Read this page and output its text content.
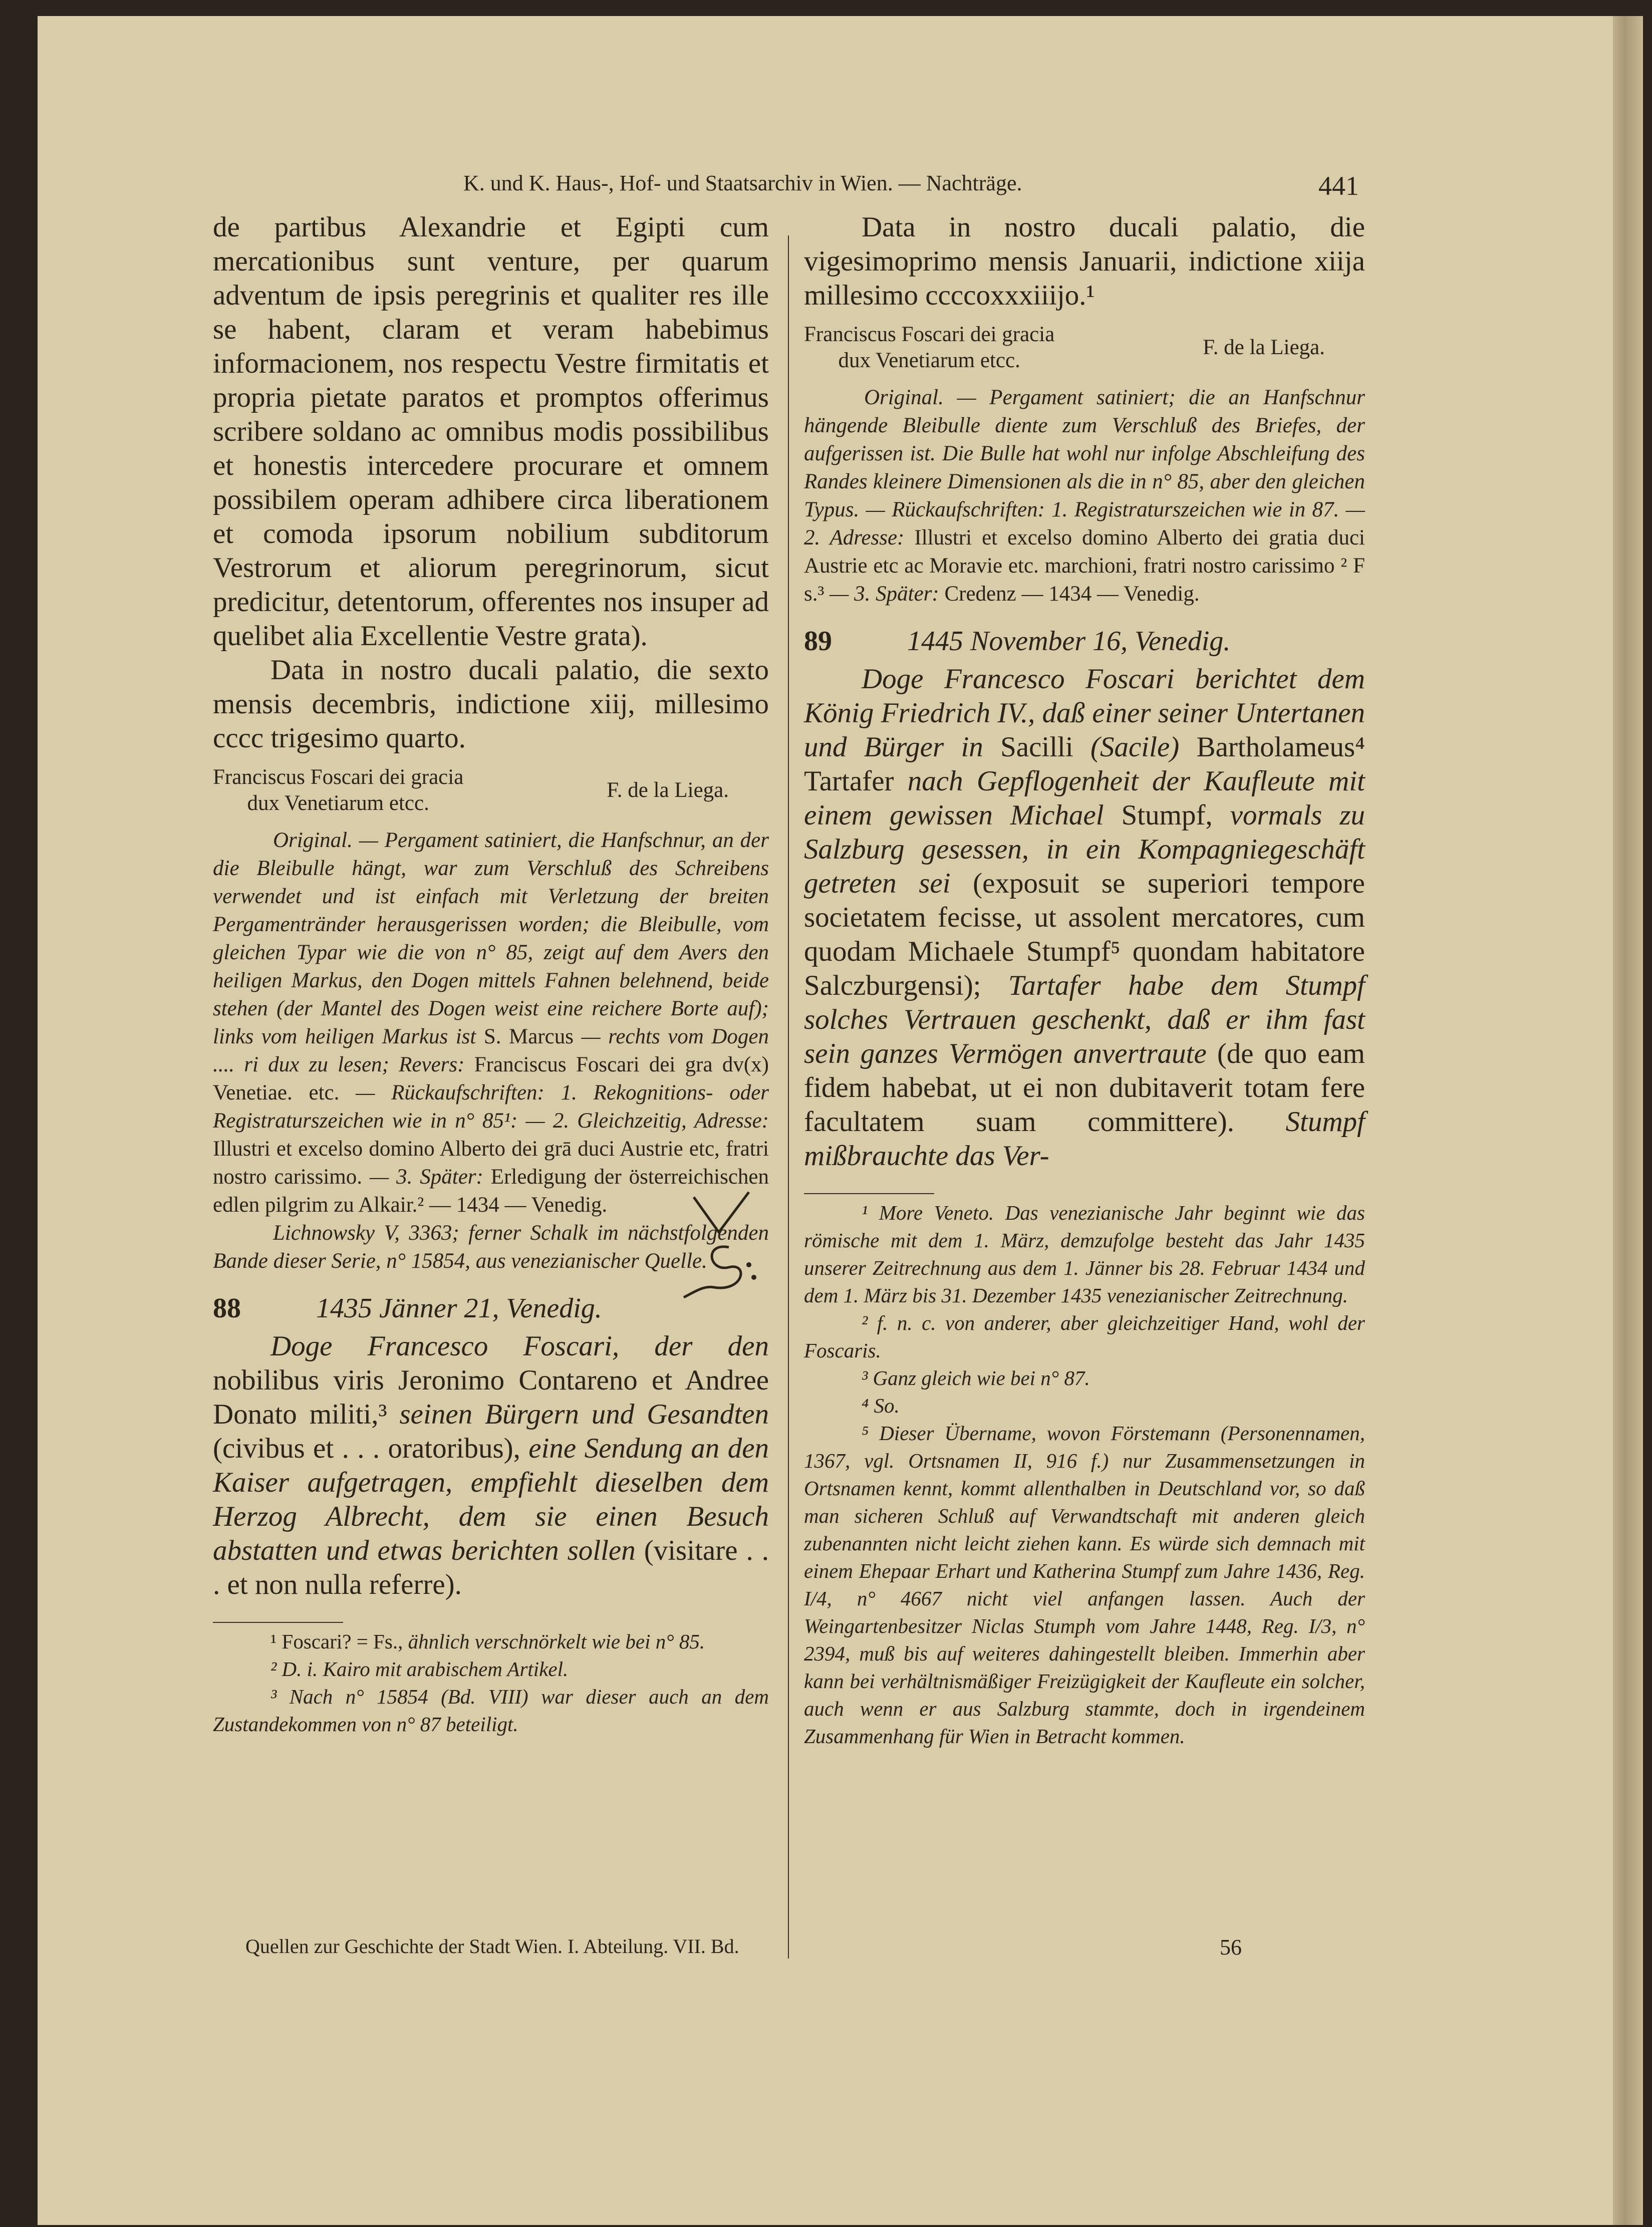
K. und K. Haus-, Hof- und Staatsarchiv in Wien. — Nachträge.	441

de partibus Alexandrie et Egipti cum mercationibus sunt venture, per quarum adventum de ipsis peregrinis et qualiter res ille se habent, claram et veram habebimus informacionem, nos respectu Vestre firmitatis et propria pietate paratos et promptos offerimus scribere soldano ac omnibus modis possibilibus et honestis intercedere procurare et omnem possibilem operam adhibere circa liberationem et comoda ipsorum nobilium subditorum Vestrorum et aliorum peregrinorum, sicut predicitur, detentorum, offerentes nos insuper ad quelibet alia Excellentie Vestre grata).

Data in nostro ducali palatio, die sexto mensis decembris, indictione xiij, millesimo cccc trigesimo quarto.

Franciscus Foscari dei gracia
dux Venetiarum etcc.
F. de la Liega.

Original. — Pergament satiniert, die Hanfschnur, an der die Bleibulle hängt, war zum Verschluß des Schreibens verwendet und ist einfach mit Verletzung der breiten Pergamentränder herausgerissen worden; die Bleibulle, vom gleichen Typar wie die von n° 85, zeigt auf dem Avers den heiligen Markus, den Dogen mittels Fahnen belehnend, beide stehen (der Mantel des Dogen weist eine reichere Borte auf); links vom heiligen Markus ist S. Marcus — rechts vom Dogen .... ri dux zu lesen; Revers: Franciscus Foscari dei gra dv(x) Venetiae. etc. — Rückaufschriften: 1. Rekognitions- oder Registraturszeichen wie in n° 85¹: — 2. Gleichzeitig, Adresse: Illustri et excelso domino Alberto dei grā duci Austrie etc, fratri nostro carissimo. — 3. Später: Erledigung der österreichischen edlen pilgrim zu Alkair.² — 1434 — Venedig.

Lichnowsky V, 3363; ferner Schalk im nächstfolgenden Bande dieser Serie, n° 15854, aus venezianischer Quelle.

88	1435 Jänner 21, Venedig.

Doge Francesco Foscari, der den nobilibus viris Jeronimo Contareno et Andree Donato militi,³ seinen Bürgern und Gesandten (civibus et . . . oratoribus), eine Sendung an den Kaiser aufgetragen, empfiehlt dieselben dem Herzog Albrecht, dem sie einen Besuch abstatten und etwas berichten sollen (visitare . . . et non nulla referre).

¹ Foscari? = Fs., ähnlich verschnörkelt wie bei n° 85.

² D. i. Kairo mit arabischem Artikel.

³ Nach n° 15854 (Bd. VIII) war dieser auch an dem Zustandekommen von n° 87 beteiligt.

Data in nostro ducali palatio, die vigesimoprimo mensis Januarii, indictione xiija millesimo ccccoxxxiiijo.¹

Franciscus Foscari dei gracia
dux Venetiarum etcc.
F. de la Liega.

Original. — Pergament satiniert; die an Hanfschnur hängende Bleibulle diente zum Verschluß des Briefes, der aufgerissen ist. Die Bulle hat wohl nur infolge Abschleifung des Randes kleinere Dimensionen als die in n° 85, aber den gleichen Typus. — Rückaufschriften: 1. Registraturszeichen wie in 87. — 2. Adresse: Illustri et excelso domino Alberto dei gratia duci Austrie etc ac Moravie etc. marchioni, fratri nostro carissimo ² F s.³ — 3. Später: Credenz — 1434 — Venedig.

89	1445 November 16, Venedig.

Doge Francesco Foscari berichtet dem König Friedrich IV., daß einer seiner Untertanen und Bürger in Sacilli (Sacile) Bartholameus⁴ Tartafer nach Gepflogenheit der Kaufleute mit einem gewissen Michael Stumpf, vormals zu Salzburg gesessen, in ein Kompagniegeschäft getreten sei (exposuit se superiori tempore societatem fecisse, ut assolent mercatores, cum quodam Michaele Stumpf⁵ quondam habitatore Salczburgensi); Tartafer habe dem Stumpf solches Vertrauen geschenkt, daß er ihm fast sein ganzes Vermögen anvertraute (de quo eam fidem habebat, ut ei non dubitaverit totam fere facultatem suam committere). Stumpf mißbrauchte das Ver-

¹ More Veneto. Das venezianische Jahr beginnt wie das römische mit dem 1. März, demzufolge besteht das Jahr 1435 unserer Zeitrechnung aus dem 1. Jänner bis 28. Februar 1434 und dem 1. März bis 31. Dezember 1435 venezianischer Zeitrechnung.

² f. n. c. von anderer, aber gleichzeitiger Hand, wohl der Foscaris.

³ Ganz gleich wie bei n° 87.

⁴ So.

⁵ Dieser Übername, wovon Förstemann (Personennamen, 1367, vgl. Ortsnamen II, 916 f.) nur Zusammensetzungen in Ortsnamen kennt, kommt allenthalben in Deutschland vor, so daß man sicheren Schluß auf Verwandtschaft mit anderen gleich zubenannten nicht leicht ziehen kann. Es würde sich demnach mit einem Ehepaar Erhart und Katherina Stumpf zum Jahre 1436, Reg. I/4, n° 4667 nicht viel anfangen lassen. Auch der Weingartenbesitzer Niclas Stumph vom Jahre 1448, Reg. I/3, n° 2394, muß bis auf weiteres dahingestellt bleiben. Immerhin aber kann bei verhältnismäßiger Freizügigkeit der Kaufleute ein solcher, auch wenn er aus Salzburg stammte, doch in irgendeinem Zusammenhang für Wien in Betracht kommen.

Quellen zur Geschichte der Stadt Wien. I. Abteilung. VII. Bd.	56
